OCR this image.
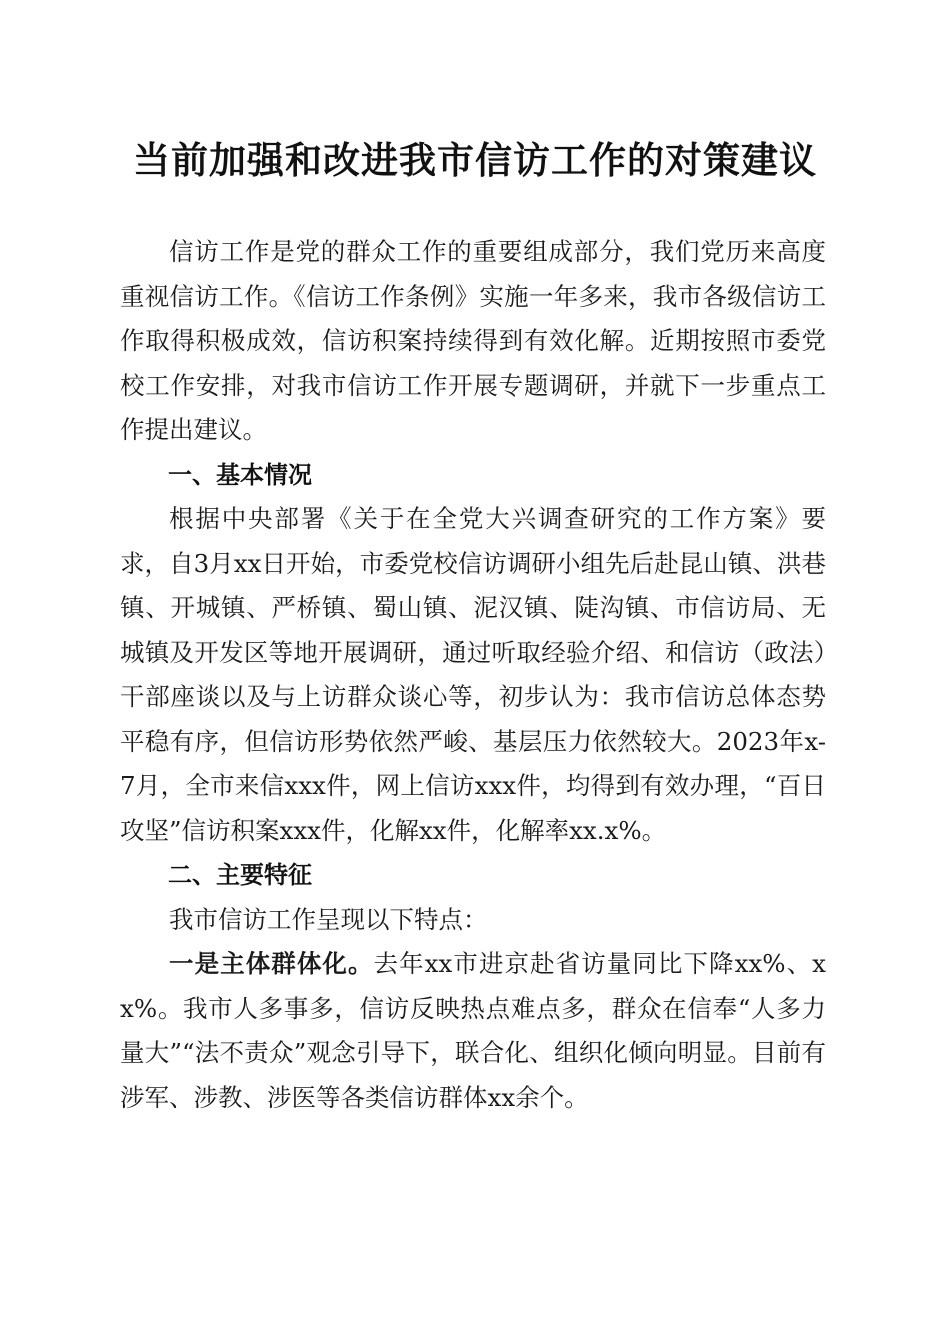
当前加强和改进我市信访工作的对策建议

信访工作是党的群众工作的重要组成部分，我们党历来高度重视信访工作。《信访工作条例》实施一年多来，我市各级信访工作取得积极成效，信访积案持续得到有效化解。近期按照市委党校工作安排，对我市信访工作开展专题调研，并就下一步重点工作提出建议。

一、基本情况

根据中央部署《关于在全党大兴调查研究的工作方案》要求，自3月xx日开始，市委党校信访调研小组先后赴昆山镇、洪巷镇、开城镇、严桥镇、蜀山镇、泥汉镇、陡沟镇、市信访局、无城镇及开发区等地开展调研，通过听取经验介绍、和信访（政法）干部座谈以及与上访群众谈心等，初步认为：我市信访总体态势平稳有序，但信访形势依然严峻、基层压力依然较大。2023年x-7月，全市来信xxx件，网上信访xxx件，均得到有效办理，“百日攻坚”信访积案xxx件，化解xx件，化解率xx.x%。

二、主要特征

我市信访工作呈现以下特点：

一是主体群体化。去年xx市进京赴省访量同比下降xx%、xx%。我市人多事多，信访反映热点难点多，群众在信奉“人多力量大”“法不责众”观念引导下，联合化、组织化倾向明显。目前有涉军、涉教、涉医等各类信访群体xx余个。
